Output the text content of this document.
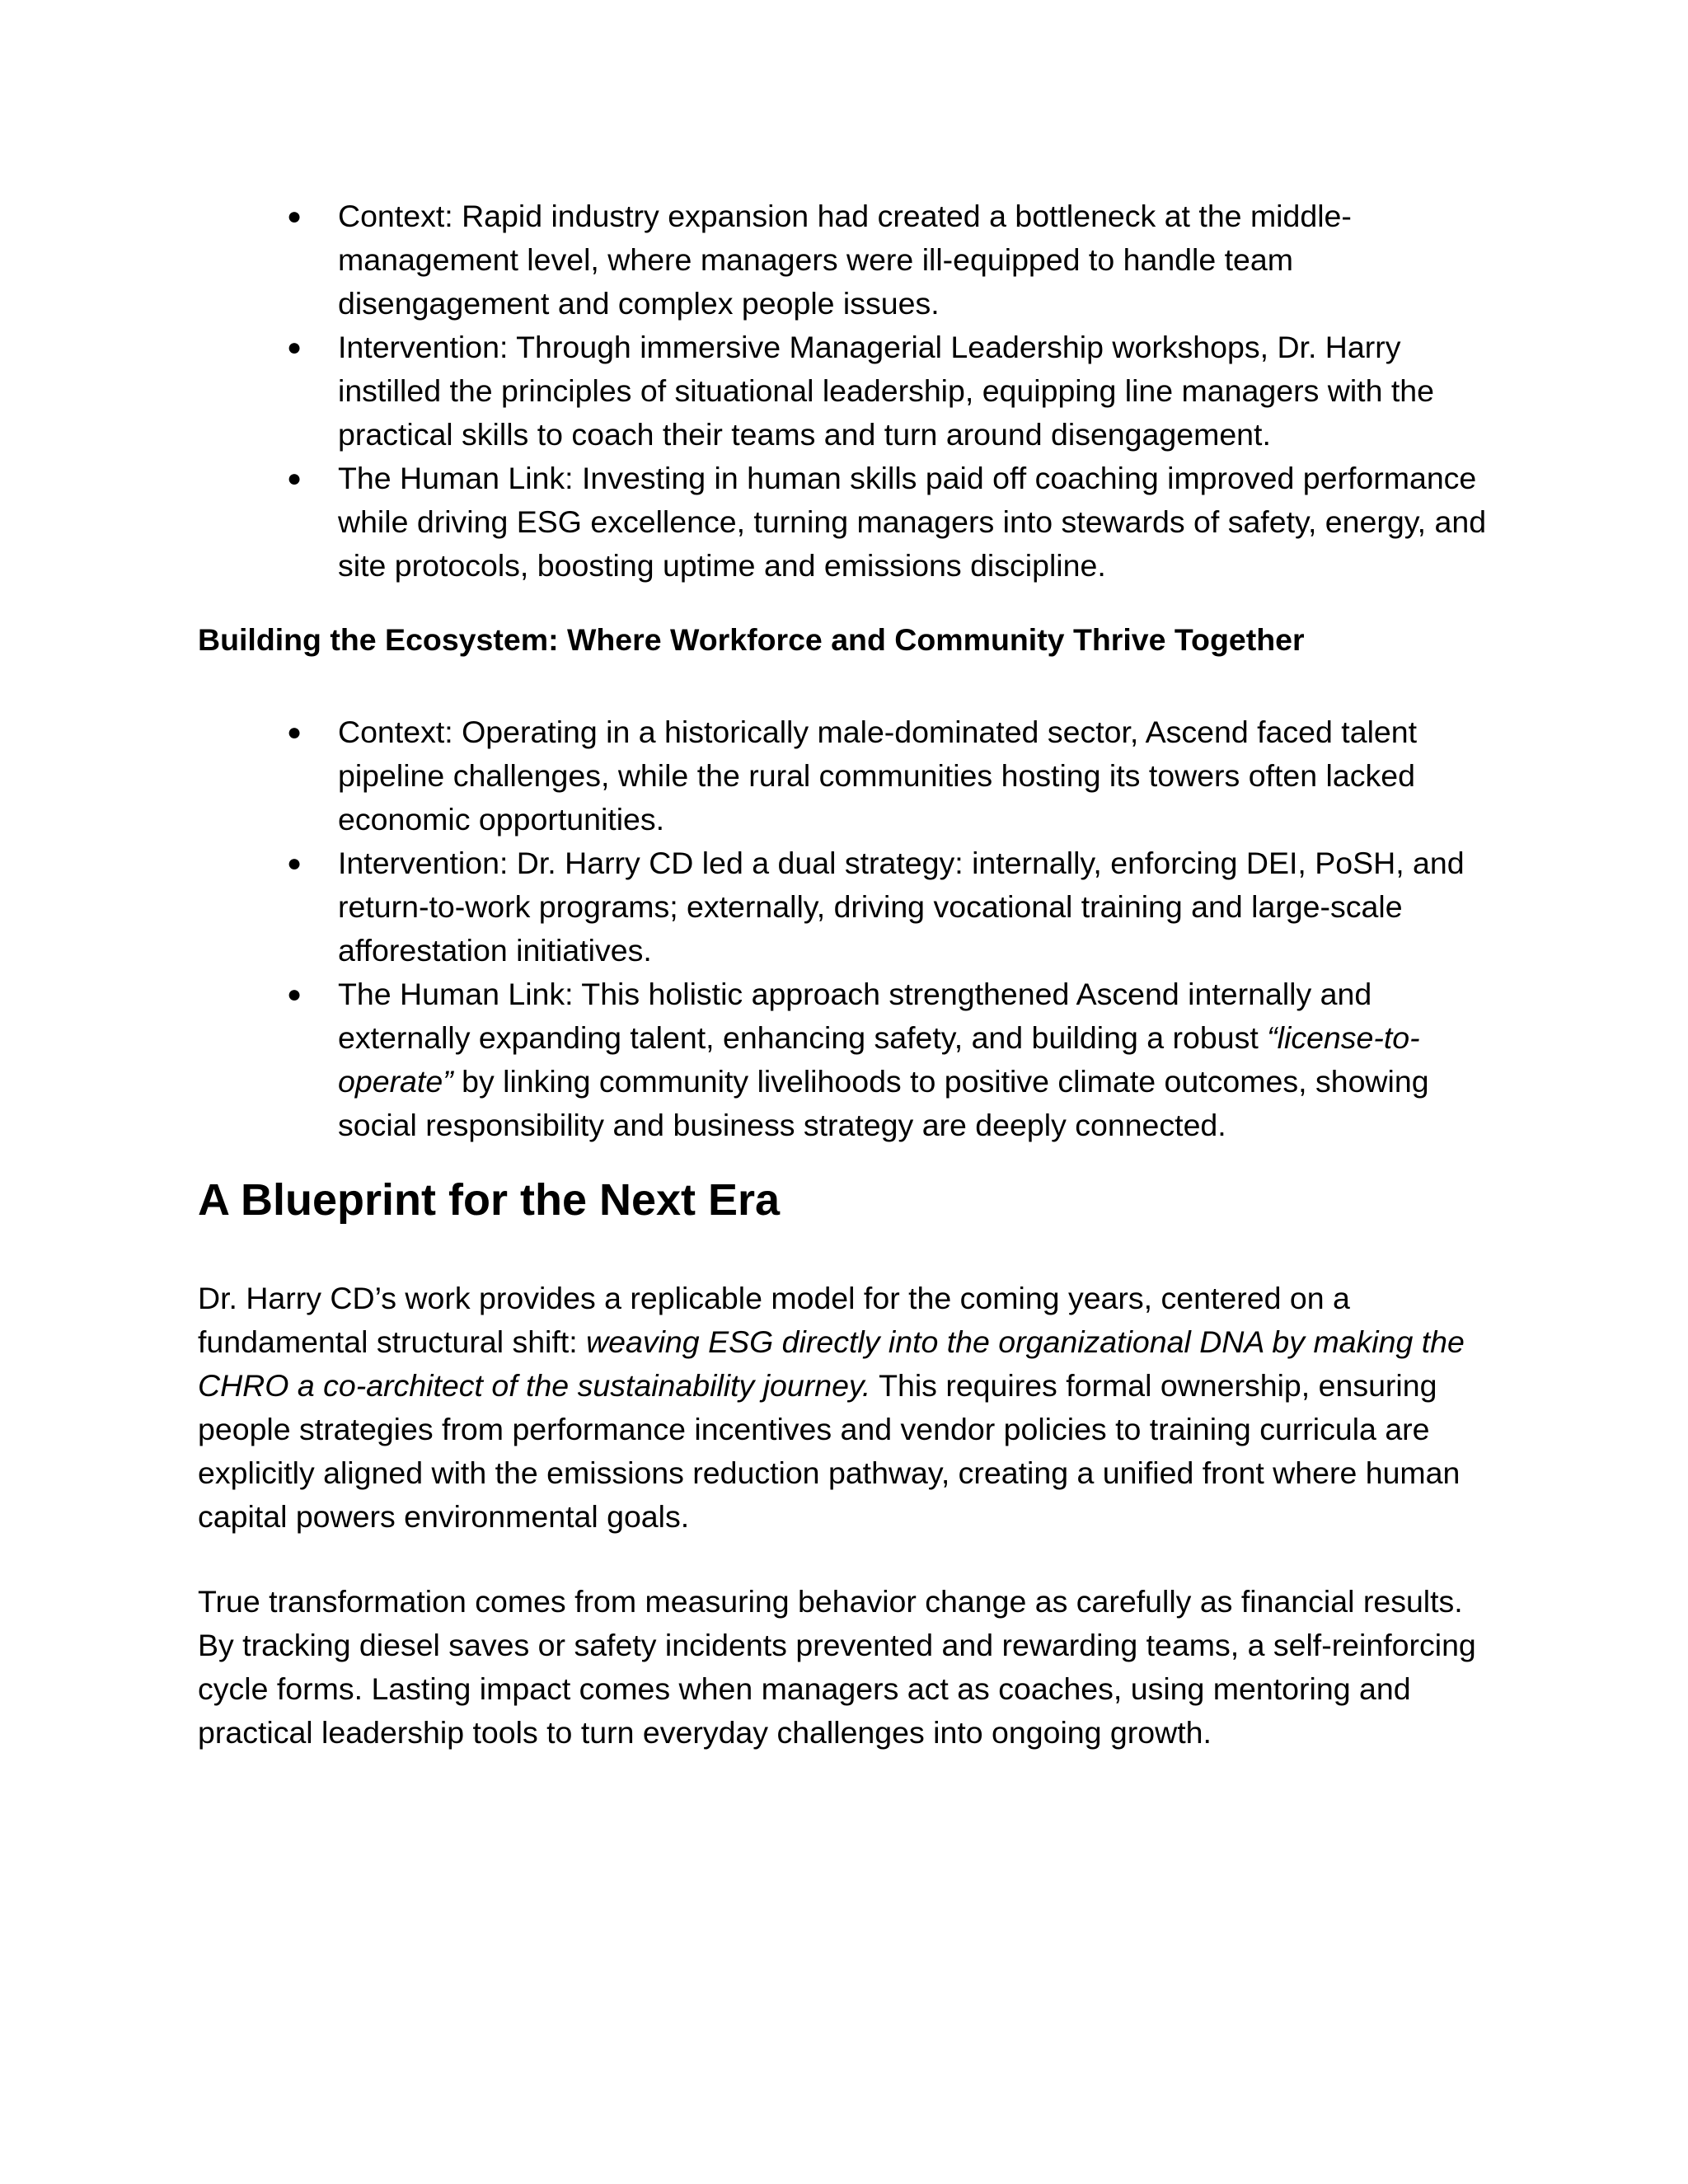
●	Context: Rapid industry expansion had created a bottleneck at the middle-management level, where managers were ill-equipped to handle team disengagement and complex people issues.
●	Intervention: Through immersive Managerial Leadership workshops, Dr. Harry instilled the principles of situational leadership, equipping line managers with the practical skills to coach their teams and turn around disengagement.
●	The Human Link: Investing in human skills paid off coaching improved performance while driving ESG excellence, turning managers into stewards of safety, energy, and site protocols, boosting uptime and emissions discipline.
Building the Ecosystem: Where Workforce and Community Thrive Together
●	Context: Operating in a historically male-dominated sector, Ascend faced talent pipeline challenges, while the rural communities hosting its towers often lacked economic opportunities.
●	Intervention: Dr. Harry CD led a dual strategy: internally, enforcing DEI, PoSH, and return-to-work programs; externally, driving vocational training and large-scale afforestation initiatives.
●	The Human Link: This holistic approach strengthened Ascend internally and externally expanding talent, enhancing safety, and building a robust “license-to-operate” by linking community livelihoods to positive climate outcomes, showing social responsibility and business strategy are deeply connected.
A Blueprint for the Next Era

Dr. Harry CD’s work provides a replicable model for the coming years, centered on a fundamental structural shift: weaving ESG directly into the organizational DNA by making the CHRO a co-architect of the sustainability journey. This requires formal ownership, ensuring people strategies from performance incentives and vendor policies to training curricula are explicitly aligned with the emissions reduction pathway, creating a unified front where human capital powers environmental goals.

True transformation comes from measuring behavior change as carefully as financial results. By tracking diesel saves or safety incidents prevented and rewarding teams, a self-reinforcing cycle forms. Lasting impact comes when managers act as coaches, using mentoring and practical leadership tools to turn everyday challenges into ongoing growth.
